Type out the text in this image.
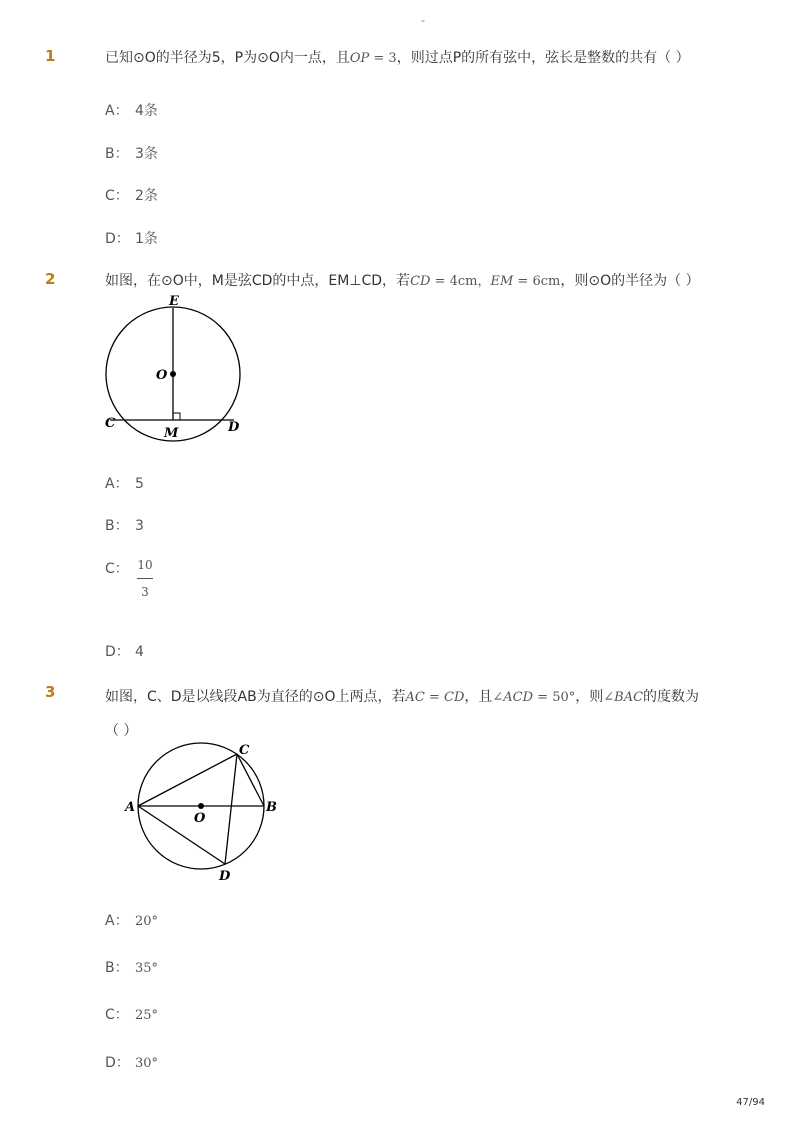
-
1	已知⊙O的半径为5，P为⊙O内一点，且OP = 3，则过点P的所有弦中，弦长是整数的共有（ ）
A： 4条
B： 3条
C： 2条
D： 1条
2	如图，在⊙O中，M是弦CD的中点，EM⊥CD，若CD = 4cm，EM = 6cm，则⊙O的半径为（ ）
E
O
C
M	D
A： 5
B： 3
C： 10
3
D： 4
3	如图，C、D是以线段AB为直径的⊙O上两点，若AC = CD，且∠ACD = 50°，则∠BAC的度数为
（ ）
A	B
C
D
O
A： 20°
B： 35°
C： 25°
D： 30°
47/94
